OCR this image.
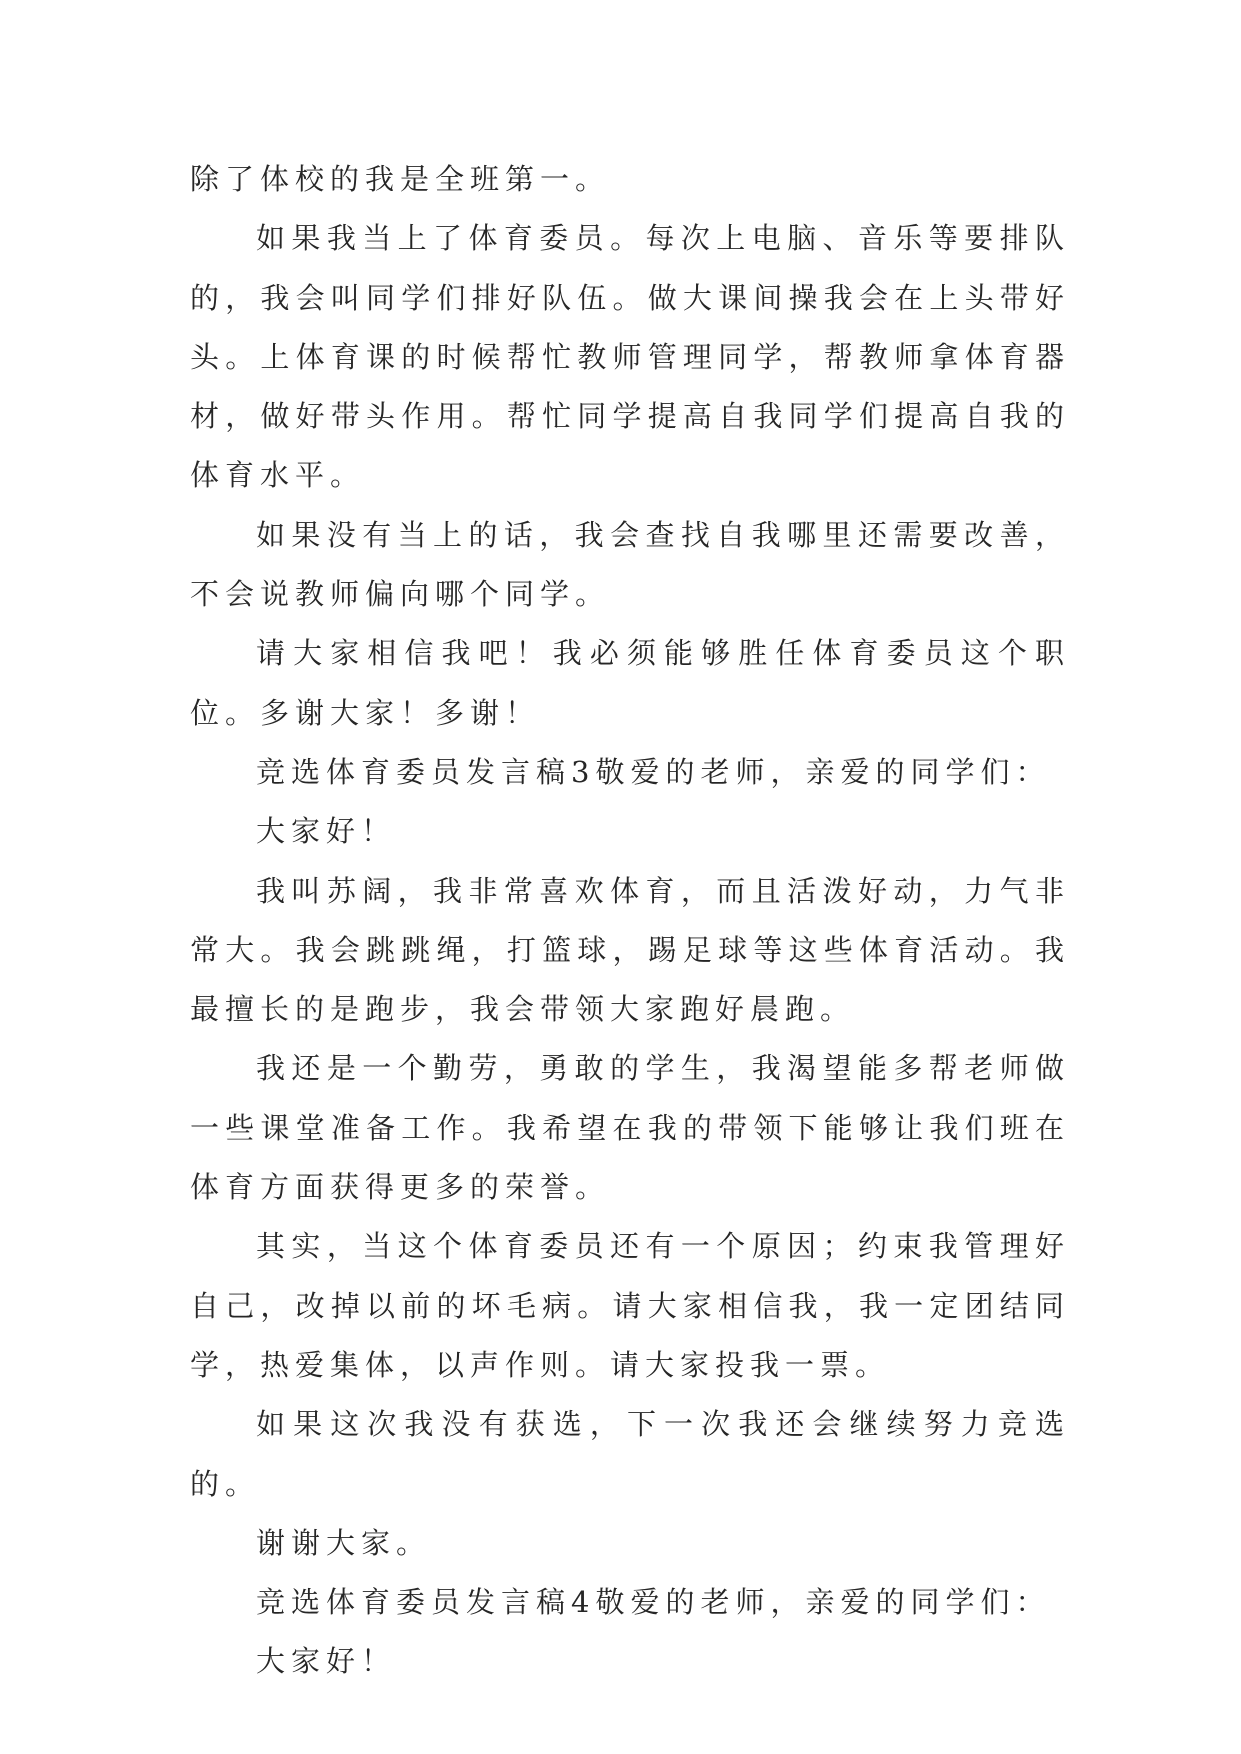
除了体校的我是全班第一。

如果我当上了体育委员。每次上电脑、音乐等要排队的，我会叫同学们排好队伍。做大课间操我会在上头带好头。上体育课的时候帮忙教师管理同学，帮教师拿体育器材，做好带头作用。帮忙同学提高自我同学们提高自我的体育水平。

如果没有当上的话，我会查找自我哪里还需要改善，不会说教师偏向哪个同学。

请大家相信我吧！我必须能够胜任体育委员这个职位。多谢大家！多谢！

竞选体育委员发言稿3敬爱的老师，亲爱的同学们：

大家好！

我叫苏阔，我非常喜欢体育，而且活泼好动，力气非常大。我会跳跳绳，打篮球，踢足球等这些体育活动。我最擅长的是跑步，我会带领大家跑好晨跑。

我还是一个勤劳，勇敢的学生，我渴望能多帮老师做一些课堂准备工作。我希望在我的带领下能够让我们班在体育方面获得更多的荣誉。

其实，当这个体育委员还有一个原因；约束我管理好自己，改掉以前的坏毛病。请大家相信我，我一定团结同学，热爱集体，以声作则。请大家投我一票。

如果这次我没有获选，下一次我还会继续努力竞选的。

谢谢大家。

竞选体育委员发言稿4敬爱的老师，亲爱的同学们：

大家好！
